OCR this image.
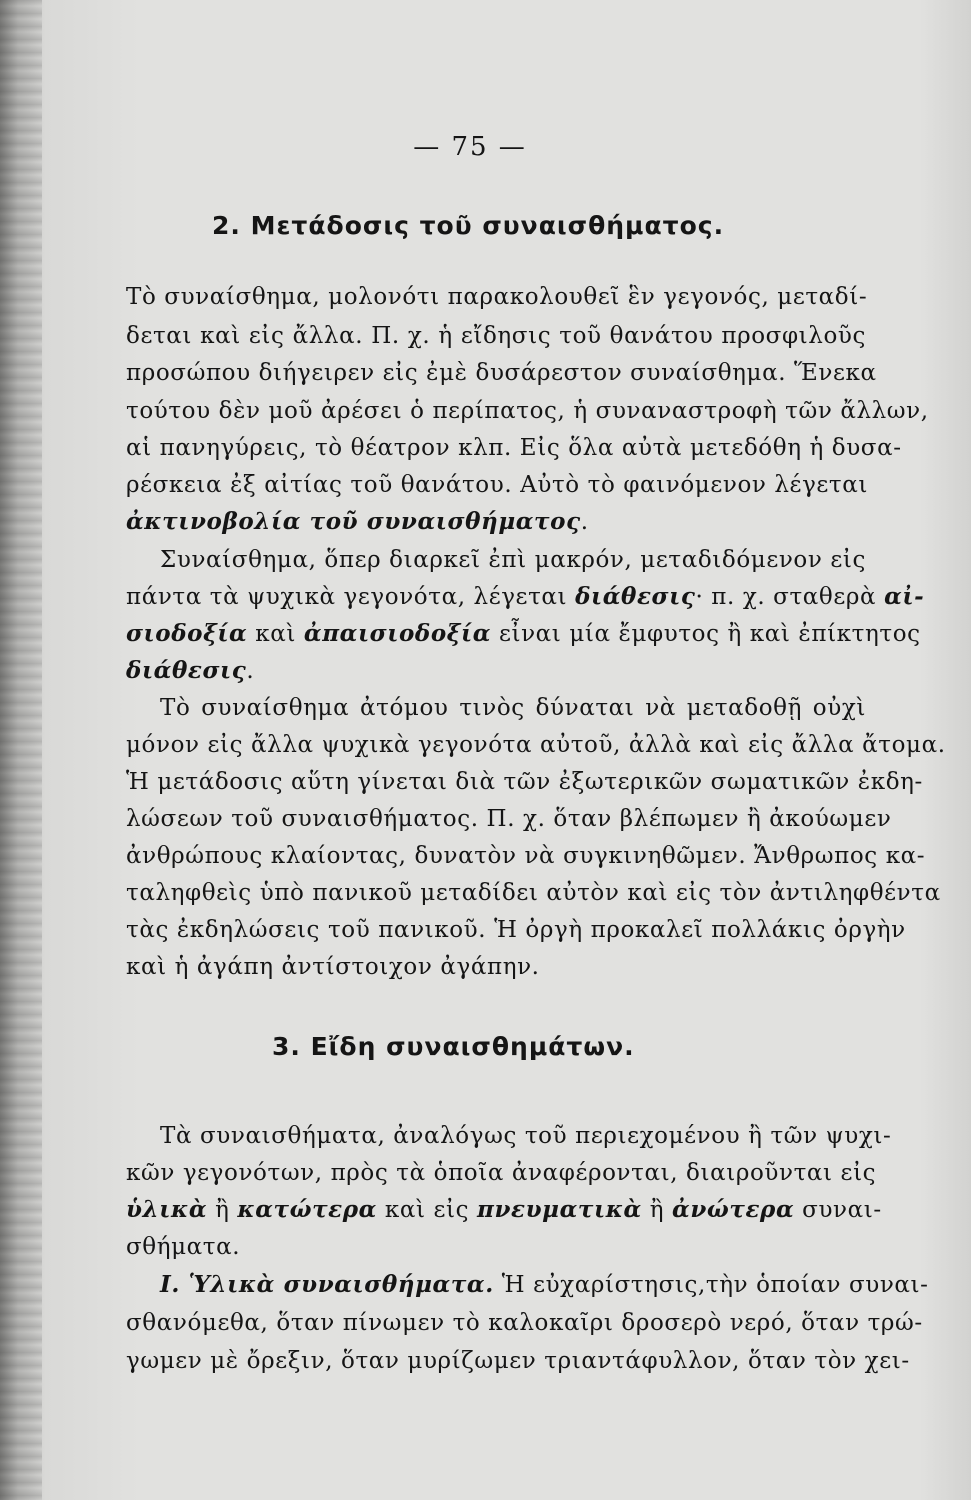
— 75 —
2. Μετάδοσις τοῦ συναισθήματος.
Τὸ συναίσθημα, μολονότι παρακολουθεῖ ἓν γεγονός, μεταδί-
δεται καὶ εἰς ἄλλα. Π. χ. ἡ εἴδησις τοῦ θανάτου προσφιλοῦς
προσώπου διήγειρεν εἰς ἐμὲ δυσάρεστον συναίσθημα. Ἕνεκα
τούτου δὲν μοῦ ἀρέσει ὁ περίπατος, ἡ συναναστροφὴ τῶν ἄλλων,
αἱ πανηγύρεις, τὸ θέατρον κλπ. Εἰς ὅλα αὐτὰ μετεδόθη ἡ δυσα-
ρέσκεια ἐξ αἰτίας τοῦ θανάτου. Αὐτὸ τὸ φαινόμενον λέγεται
ἀκτινοβολία τοῦ συναισθήματος.
Συναίσθημα, ὅπερ διαρκεῖ ἐπὶ μακρόν, μεταδιδόμενον εἰς
πάντα τὰ ψυχικὰ γεγονότα, λέγεται διάθεσις· π. χ. σταθερὰ αἰ-
σιοδοξία καὶ ἀπαισιοδοξία εἶναι μία ἔμφυτος ἢ καὶ ἐπίκτητος
διάθεσις.
Τὸ συναίσθημα ἀτόμου τινὸς δύναται νὰ μεταδοθῇ οὐχὶ
μόνον εἰς ἄλλα ψυχικὰ γεγονότα αὐτοῦ, ἀλλὰ καὶ εἰς ἄλλα ἄτομα.
Ἡ μετάδοσις αὕτη γίνεται διὰ τῶν ἐξωτερικῶν σωματικῶν ἐκδη-
λώσεων τοῦ συναισθήματος. Π. χ. ὅταν βλέπωμεν ἢ ἀκούωμεν
ἀνθρώπους κλαίοντας, δυνατὸν νὰ συγκινηθῶμεν. Ἄνθρωπος κα-
ταληφθεὶς ὑπὸ πανικοῦ μεταδίδει αὐτὸν καὶ εἰς τὸν ἀντιληφθέντα
τὰς ἐκδηλώσεις τοῦ πανικοῦ. Ἡ ὀργὴ προκαλεῖ πολλάκις ὀργὴν
καὶ ἡ ἀγάπη ἀντίστοιχον ἀγάπην.
3. Εἴδη συναισθημάτων.
Τὰ συναισθήματα, ἀναλόγως τοῦ περιεχομένου ἢ τῶν ψυχι-
κῶν γεγονότων, πρὸς τὰ ὁποῖα ἀναφέρονται, διαιροῦνται εἰς
ὑλικὰ ἢ κατώτερα καὶ εἰς πνευματικὰ ἢ ἀνώτερα συναι-
σθήματα.
I. Ὑλικὰ συναισθήματα. Ἡ εὐχαρίστησις,τὴν ὁποίαν συναι-
σθανόμεθα, ὅταν πίνωμεν τὸ καλοκαῖρι δροσερὸ νερό, ὅταν τρώ-
γωμεν μὲ ὄρεξιν, ὅταν μυρίζωμεν τριαντάφυλλον, ὅταν τὸν χει-
